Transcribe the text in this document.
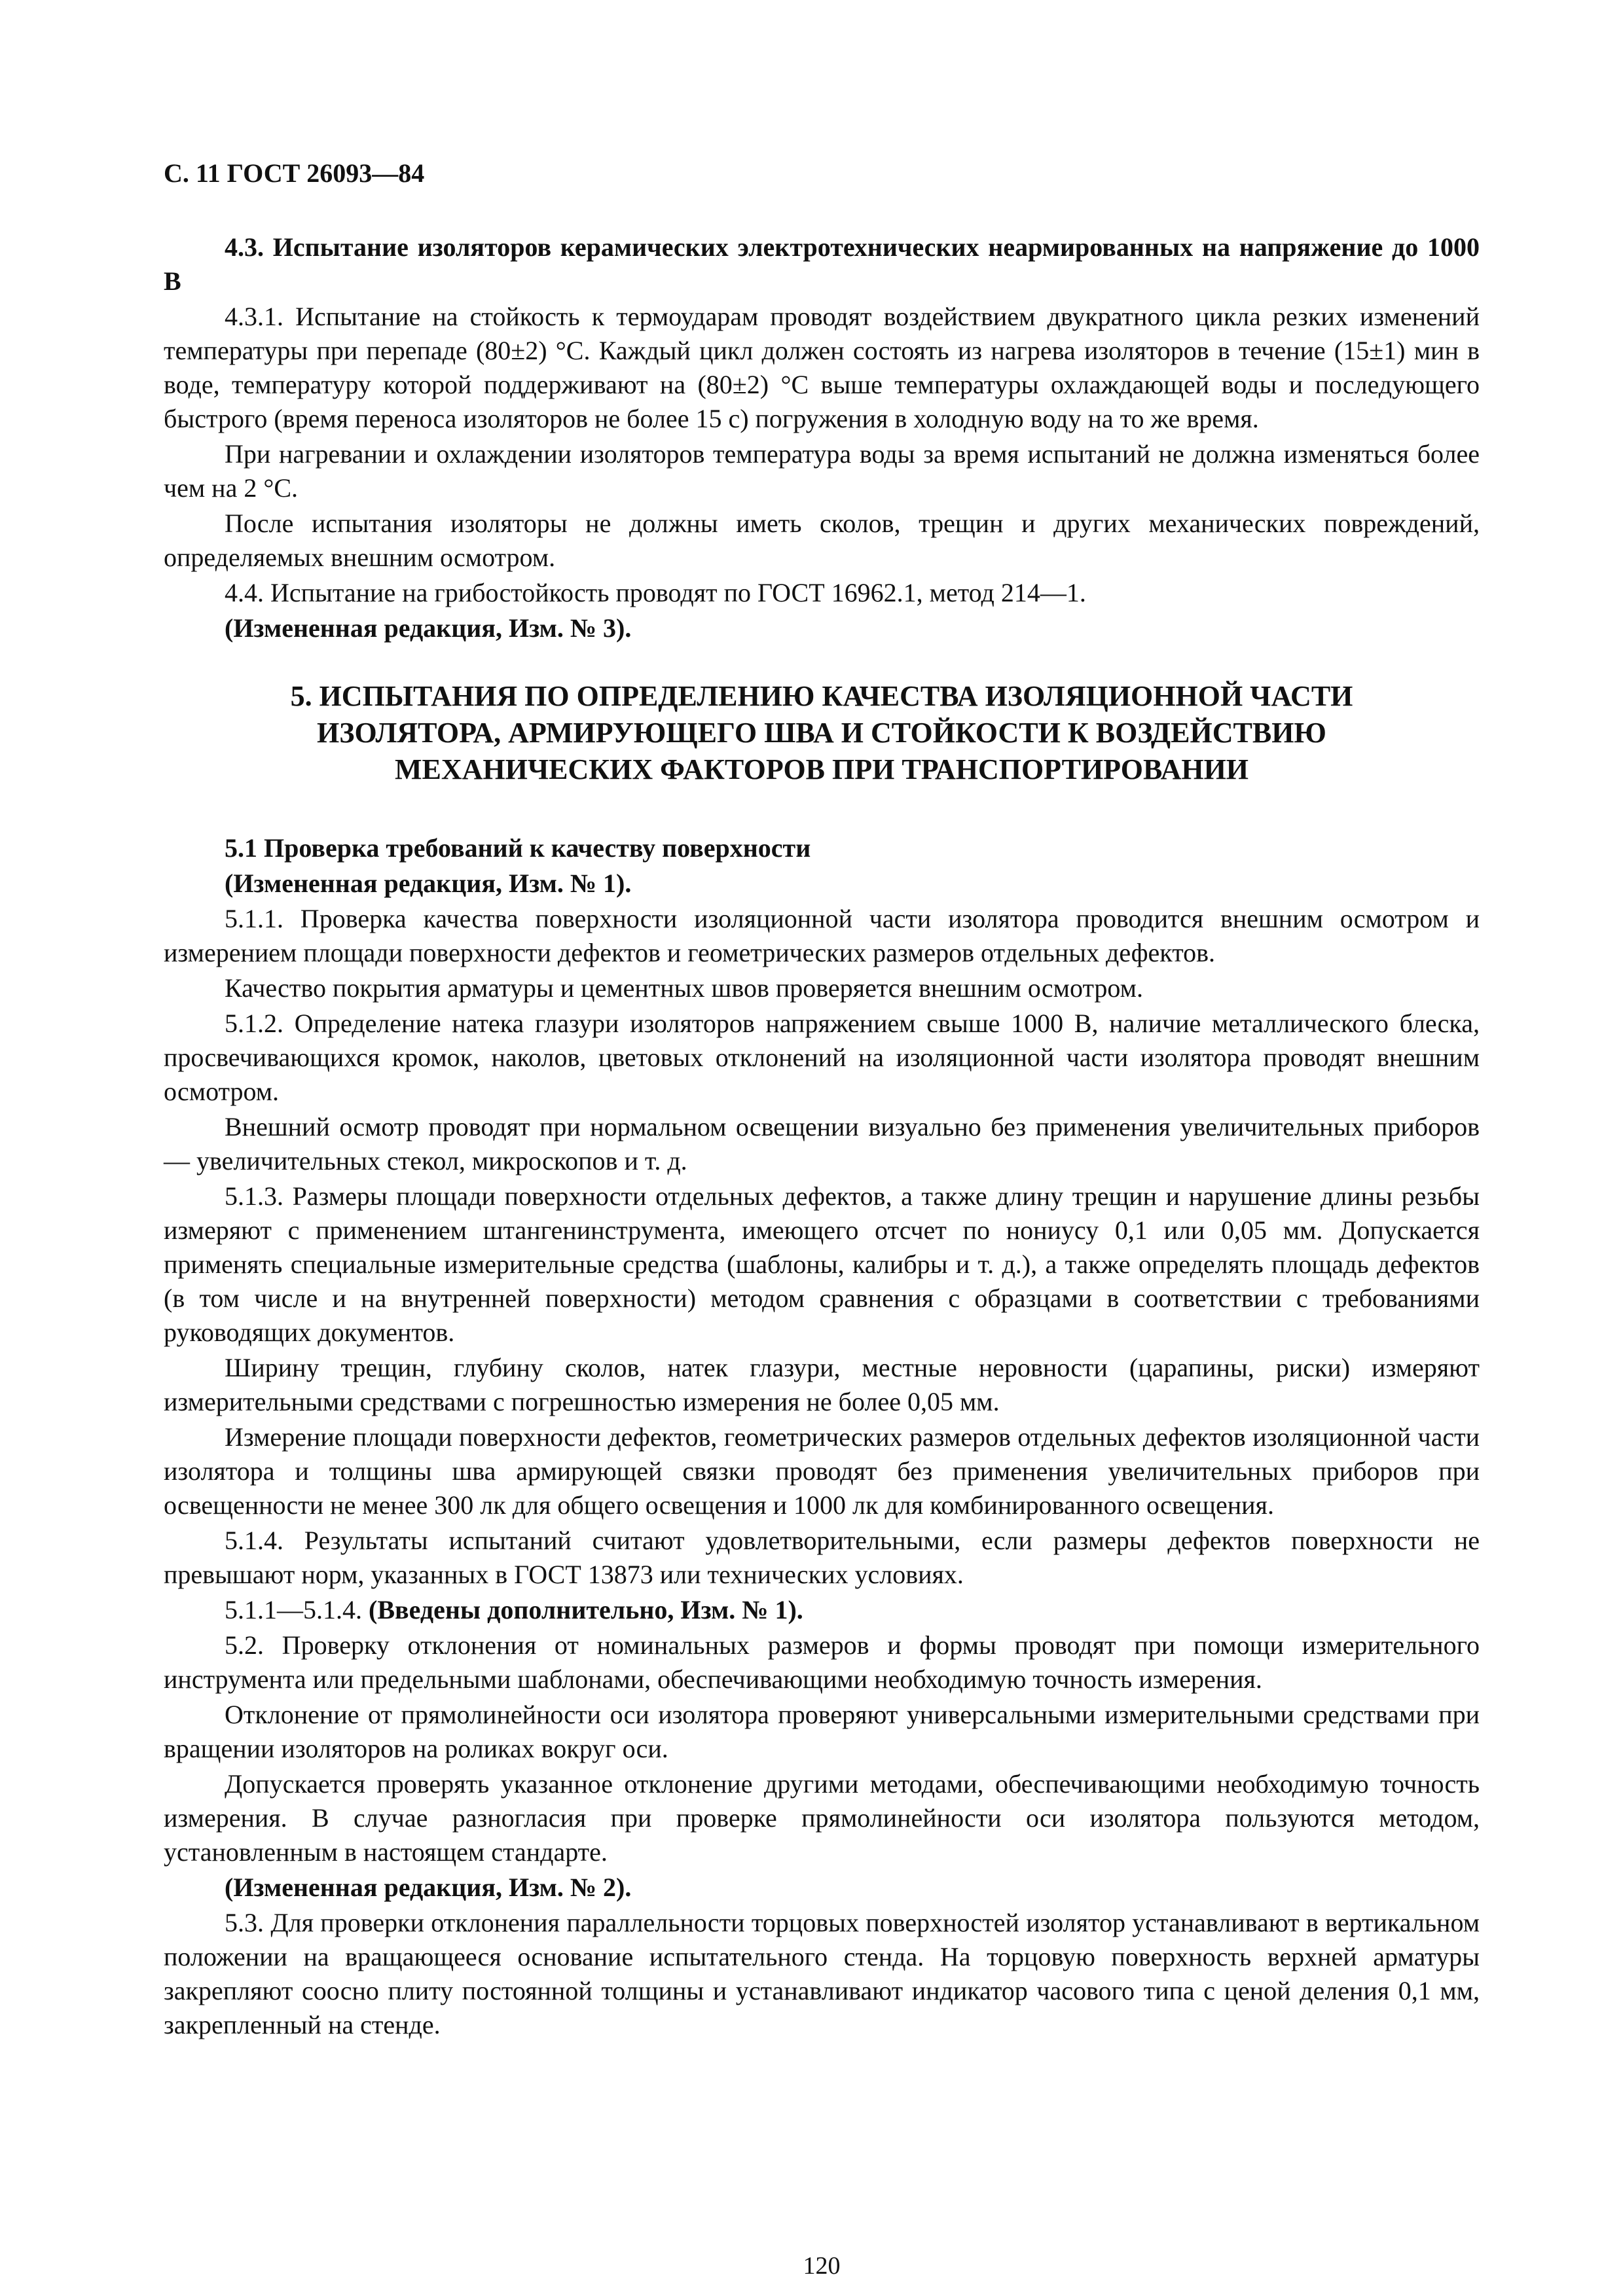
С. 11 ГОСТ 26093—84

4.3. Испытание изоляторов керамических электротехнических неармированных на напряжение до 1000 В

4.3.1. Испытание на стойкость к термоударам проводят воздействием двукратного цикла резких изменений температуры при перепаде (80±2) °С. Каждый цикл должен состоять из нагрева изоляторов в течение (15±1) мин в воде, температуру которой поддерживают на (80±2) °С выше температуры охлаждающей воды и последующего быстрого (время переноса изоляторов не более 15 с) погружения в холодную воду на то же время.

При нагревании и охлаждении изоляторов температура воды за время испытаний не должна изменяться более чем на 2 °С.

После испытания изоляторы не должны иметь сколов, трещин и других механических повреждений, определяемых внешним осмотром.

4.4. Испытание на грибостойкость проводят по ГОСТ 16962.1, метод 214—1.

(Измененная редакция, Изм. № 3).

5. ИСПЫТАНИЯ ПО ОПРЕДЕЛЕНИЮ КАЧЕСТВА ИЗОЛЯЦИОННОЙ ЧАСТИ ИЗОЛЯТОРА, АРМИРУЮЩЕГО ШВА И СТОЙКОСТИ К ВОЗДЕЙСТВИЮ МЕХАНИЧЕСКИХ ФАКТОРОВ ПРИ ТРАНСПОРТИРОВАНИИ

5.1 Проверка требований к качеству поверхности

(Измененная редакция, Изм. № 1).

5.1.1. Проверка качества поверхности изоляционной части изолятора проводится внешним осмотром и измерением площади поверхности дефектов и геометрических размеров отдельных дефектов.

Качество покрытия арматуры и цементных швов проверяется внешним осмотром.

5.1.2. Определение натека глазури изоляторов напряжением свыше 1000 В, наличие металлического блеска, просвечивающихся кромок, наколов, цветовых отклонений на изоляционной части изолятора проводят внешним осмотром.

Внешний осмотр проводят при нормальном освещении визуально без применения увеличительных приборов — увеличительных стекол, микроскопов и т. д.

5.1.3. Размеры площади поверхности отдельных дефектов, а также длину трещин и нарушение длины резьбы измеряют с применением штангенинструмента, имеющего отсчет по нониусу 0,1 или 0,05 мм. Допускается применять специальные измерительные средства (шаблоны, калибры и т. д.), а также определять площадь дефектов (в том числе и на внутренней поверхности) методом сравнения с образцами в соответствии с требованиями руководящих документов.

Ширину трещин, глубину сколов, натек глазури, местные неровности (царапины, риски) измеряют измерительными средствами с погрешностью измерения не более 0,05 мм.

Измерение площади поверхности дефектов, геометрических размеров отдельных дефектов изоляционной части изолятора и толщины шва армирующей связки проводят без применения увеличительных приборов при освещенности не менее 300 лк для общего освещения и 1000 лк для комбинированного освещения.

5.1.4. Результаты испытаний считают удовлетворительными, если размеры дефектов поверхности не превышают норм, указанных в ГОСТ 13873 или технических условиях.

5.1.1—5.1.4. (Введены дополнительно, Изм. № 1).

5.2. Проверку отклонения от номинальных размеров и формы проводят при помощи измерительного инструмента или предельными шаблонами, обеспечивающими необходимую точность измерения.

Отклонение от прямолинейности оси изолятора проверяют универсальными измерительными средствами при вращении изоляторов на роликах вокруг оси.

Допускается проверять указанное отклонение другими методами, обеспечивающими необходимую точность измерения. В случае разногласия при проверке прямолинейности оси изолятора пользуются методом, установленным в настоящем стандарте.

(Измененная редакция, Изм. № 2).

5.3. Для проверки отклонения параллельности торцовых поверхностей изолятор устанавливают в вертикальном положении на вращающееся основание испытательного стенда. На торцовую поверхность верхней арматуры закрепляют соосно плиту постоянной толщины и устанавливают индикатор часового типа с ценой деления 0,1 мм, закрепленный на стенде.

120
